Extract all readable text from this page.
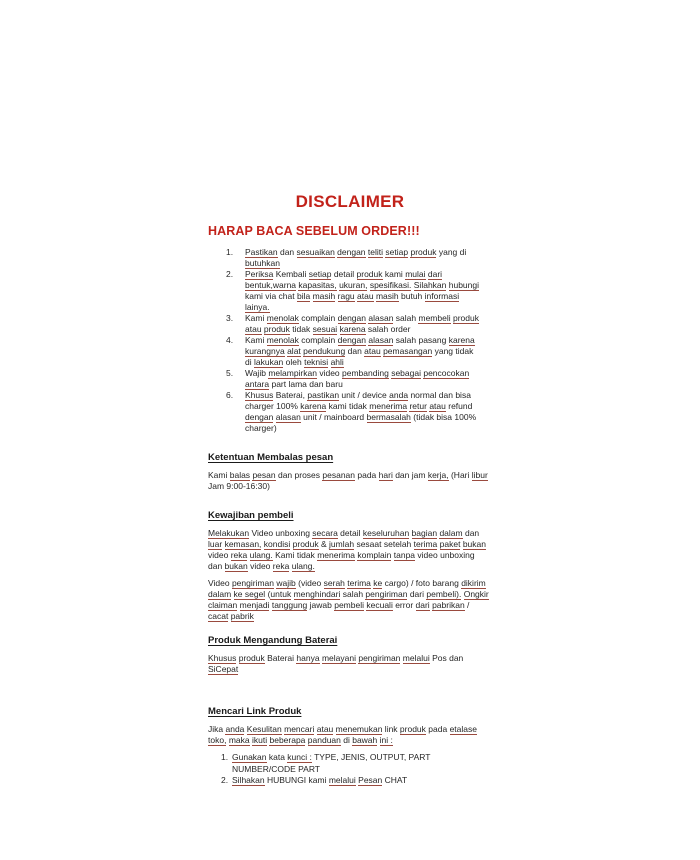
DISCLAIMER
HARAP BACA SEBELUM ORDER!!!
1.	Pastikan dan sesuaikan dengan teliti setiap produk yang di butuhkan
2.	Periksa Kembali setiap detail produk kami mulai dari bentuk,warna kapasitas, ukuran, spesifikasi. Silahkan hubungi kami via chat bila masih ragu atau masih butuh informasi lainya.
3.	Kami menolak complain dengan alasan salah membeli produk atau produk tidak sesuai karena salah order
4.	Kami menolak complain dengan alasan salah pasang karena kurangnya alat pendukung dan atau pemasangan yang tidak di lakukan oleh teknisi ahli
5.	Wajib melampirkan video pembanding sebagai pencocokan antara part lama dan baru
6.	Khusus Baterai, pastikan unit / device anda normal dan bisa charger 100% karena kami tidak menerima retur atau refund dengan alasan unit / mainboard bermasalah (tidak bisa 100% charger)
Ketentuan Membalas pesan

Kami balas pesan dan proses pesanan pada hari dan jam kerja, (Hari libur Jam 9:00-16:30)

Kewajiban pembeli

Melakukan Video unboxing secara detail keseluruhan bagian dalam dan luar kemasan, kondisi produk & jumlah sesaat setelah terima paket bukan video reka ulang. Kami tidak menerima komplain tanpa video unboxing dan bukan video reka ulang.

Video pengiriman wajib (video serah terima ke cargo) / foto barang dikirim dalam ke segel (untuk menghindari salah pengiriman dari pembeli). Ongkir claiman menjadi tanggung jawab pembeli kecuali error dari pabrikan / cacat pabrik

Produk Mengandung Baterai

Khusus produk Baterai hanya melayani pengiriman melalui Pos dan SiCepat

Mencari Link Produk

Jika anda Kesulitan mencari atau menemukan link produk pada etalase toko, maka ikuti beberapa panduan di bawah ini :

1. Gunakan kata kunci : TYPE, JENIS, OUTPUT, PART NUMBER/CODE PART
2. Silhakan HUBUNGI kami melalui Pesan CHAT
